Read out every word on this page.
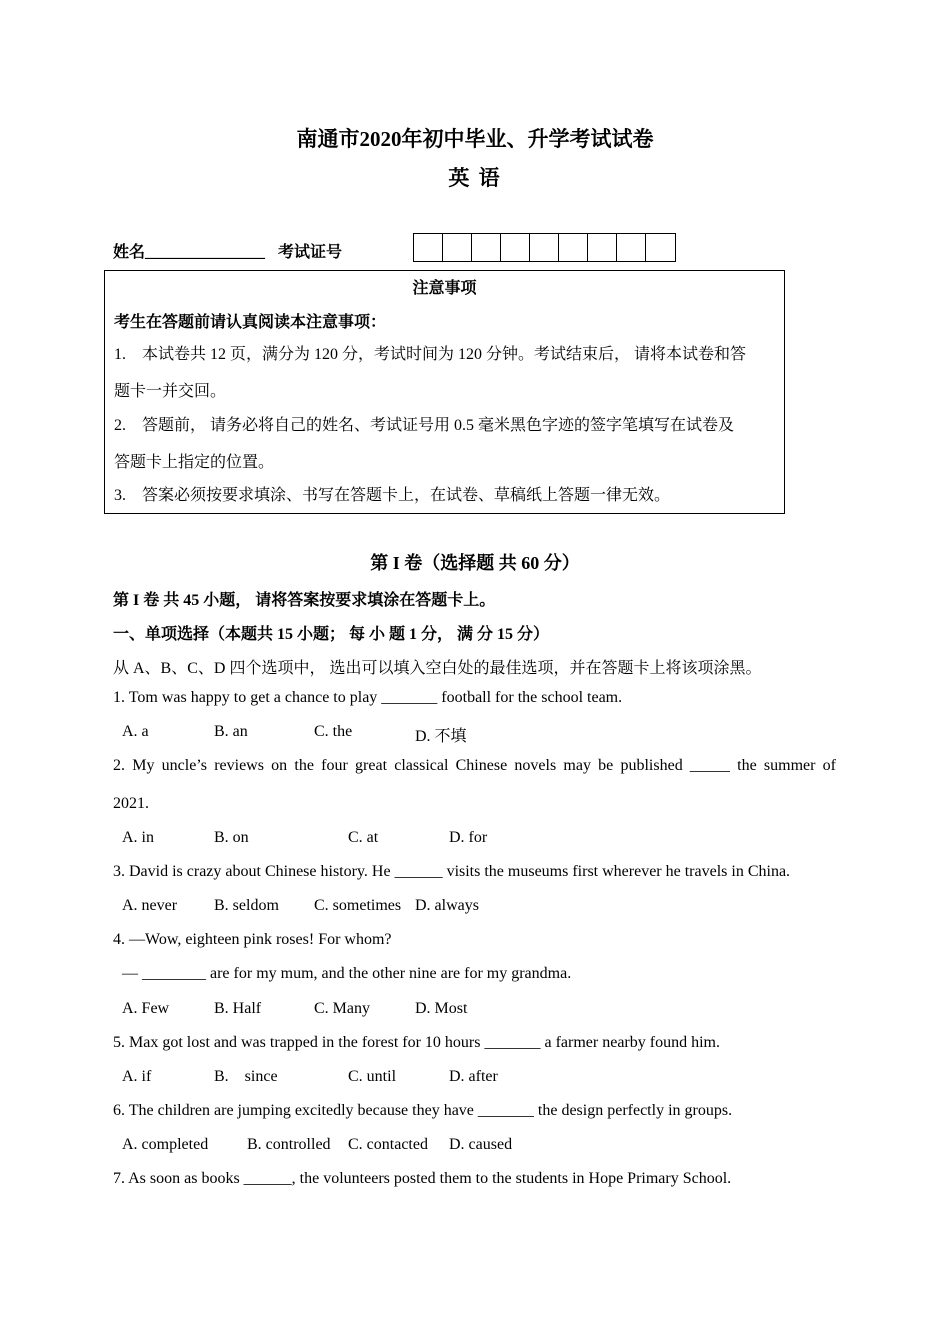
南通市2020年初中毕业、升学考试试卷
英 语
姓名_______________ 考试证号
注意事项
考生在答题前请认真阅读本注意事项：
1.    本试卷共 12 页，满分为 120 分，考试时间为 120 分钟。考试结束后， 请将本试卷和答
题卡一并交回。
2.    答题前， 请务必将自己的姓名、考试证号用 0.5 毫米黑色字迹的签字笔填写在试卷及
答题卡上指定的位置。
3.    答案必须按要求填涂、书写在答题卡上，在试卷、草稿纸上答题一律无效。
第 I 卷（选择题 共 60 分）
第 I 卷 共 45 小题， 请将答案按要求填涂在答题卡上。
一、单项选择（本题共 15 小题； 每 小 题 1 分， 满 分 15 分）
从 A、B、C、D 四个选项中， 选出可以填入空白处的最佳选项，并在答题卡上将该项涂黑。
1. Tom was happy to get a chance to play _______ football for the school team.
A. a	B. an	C. the	D. 不填
2. My uncle’s reviews on the four great classical Chinese novels may be published _____ the summer of
2021.
A. in	B. on	C. at	D. for
3. David is crazy about Chinese history. He ______ visits the museums first wherever he travels in China.
A. never B. seldom C. sometimes D. always
4. —Wow, eighteen pink roses! For whom?
— ________ are for my mum, and the other nine are for my grandma.
A. Few	B. Half	C. Many	D. Most
5. Max got lost and was trapped in the forest for 10 hours _______ a farmer nearby found him.
A. if	B.    since	C. until	D. after
6. The children are jumping excitedly because they have _______ the design perfectly in groups.
A. completed B. controlled C. contacted D. caused
7. As soon as books ______, the volunteers posted them to the students in Hope Primary School.
